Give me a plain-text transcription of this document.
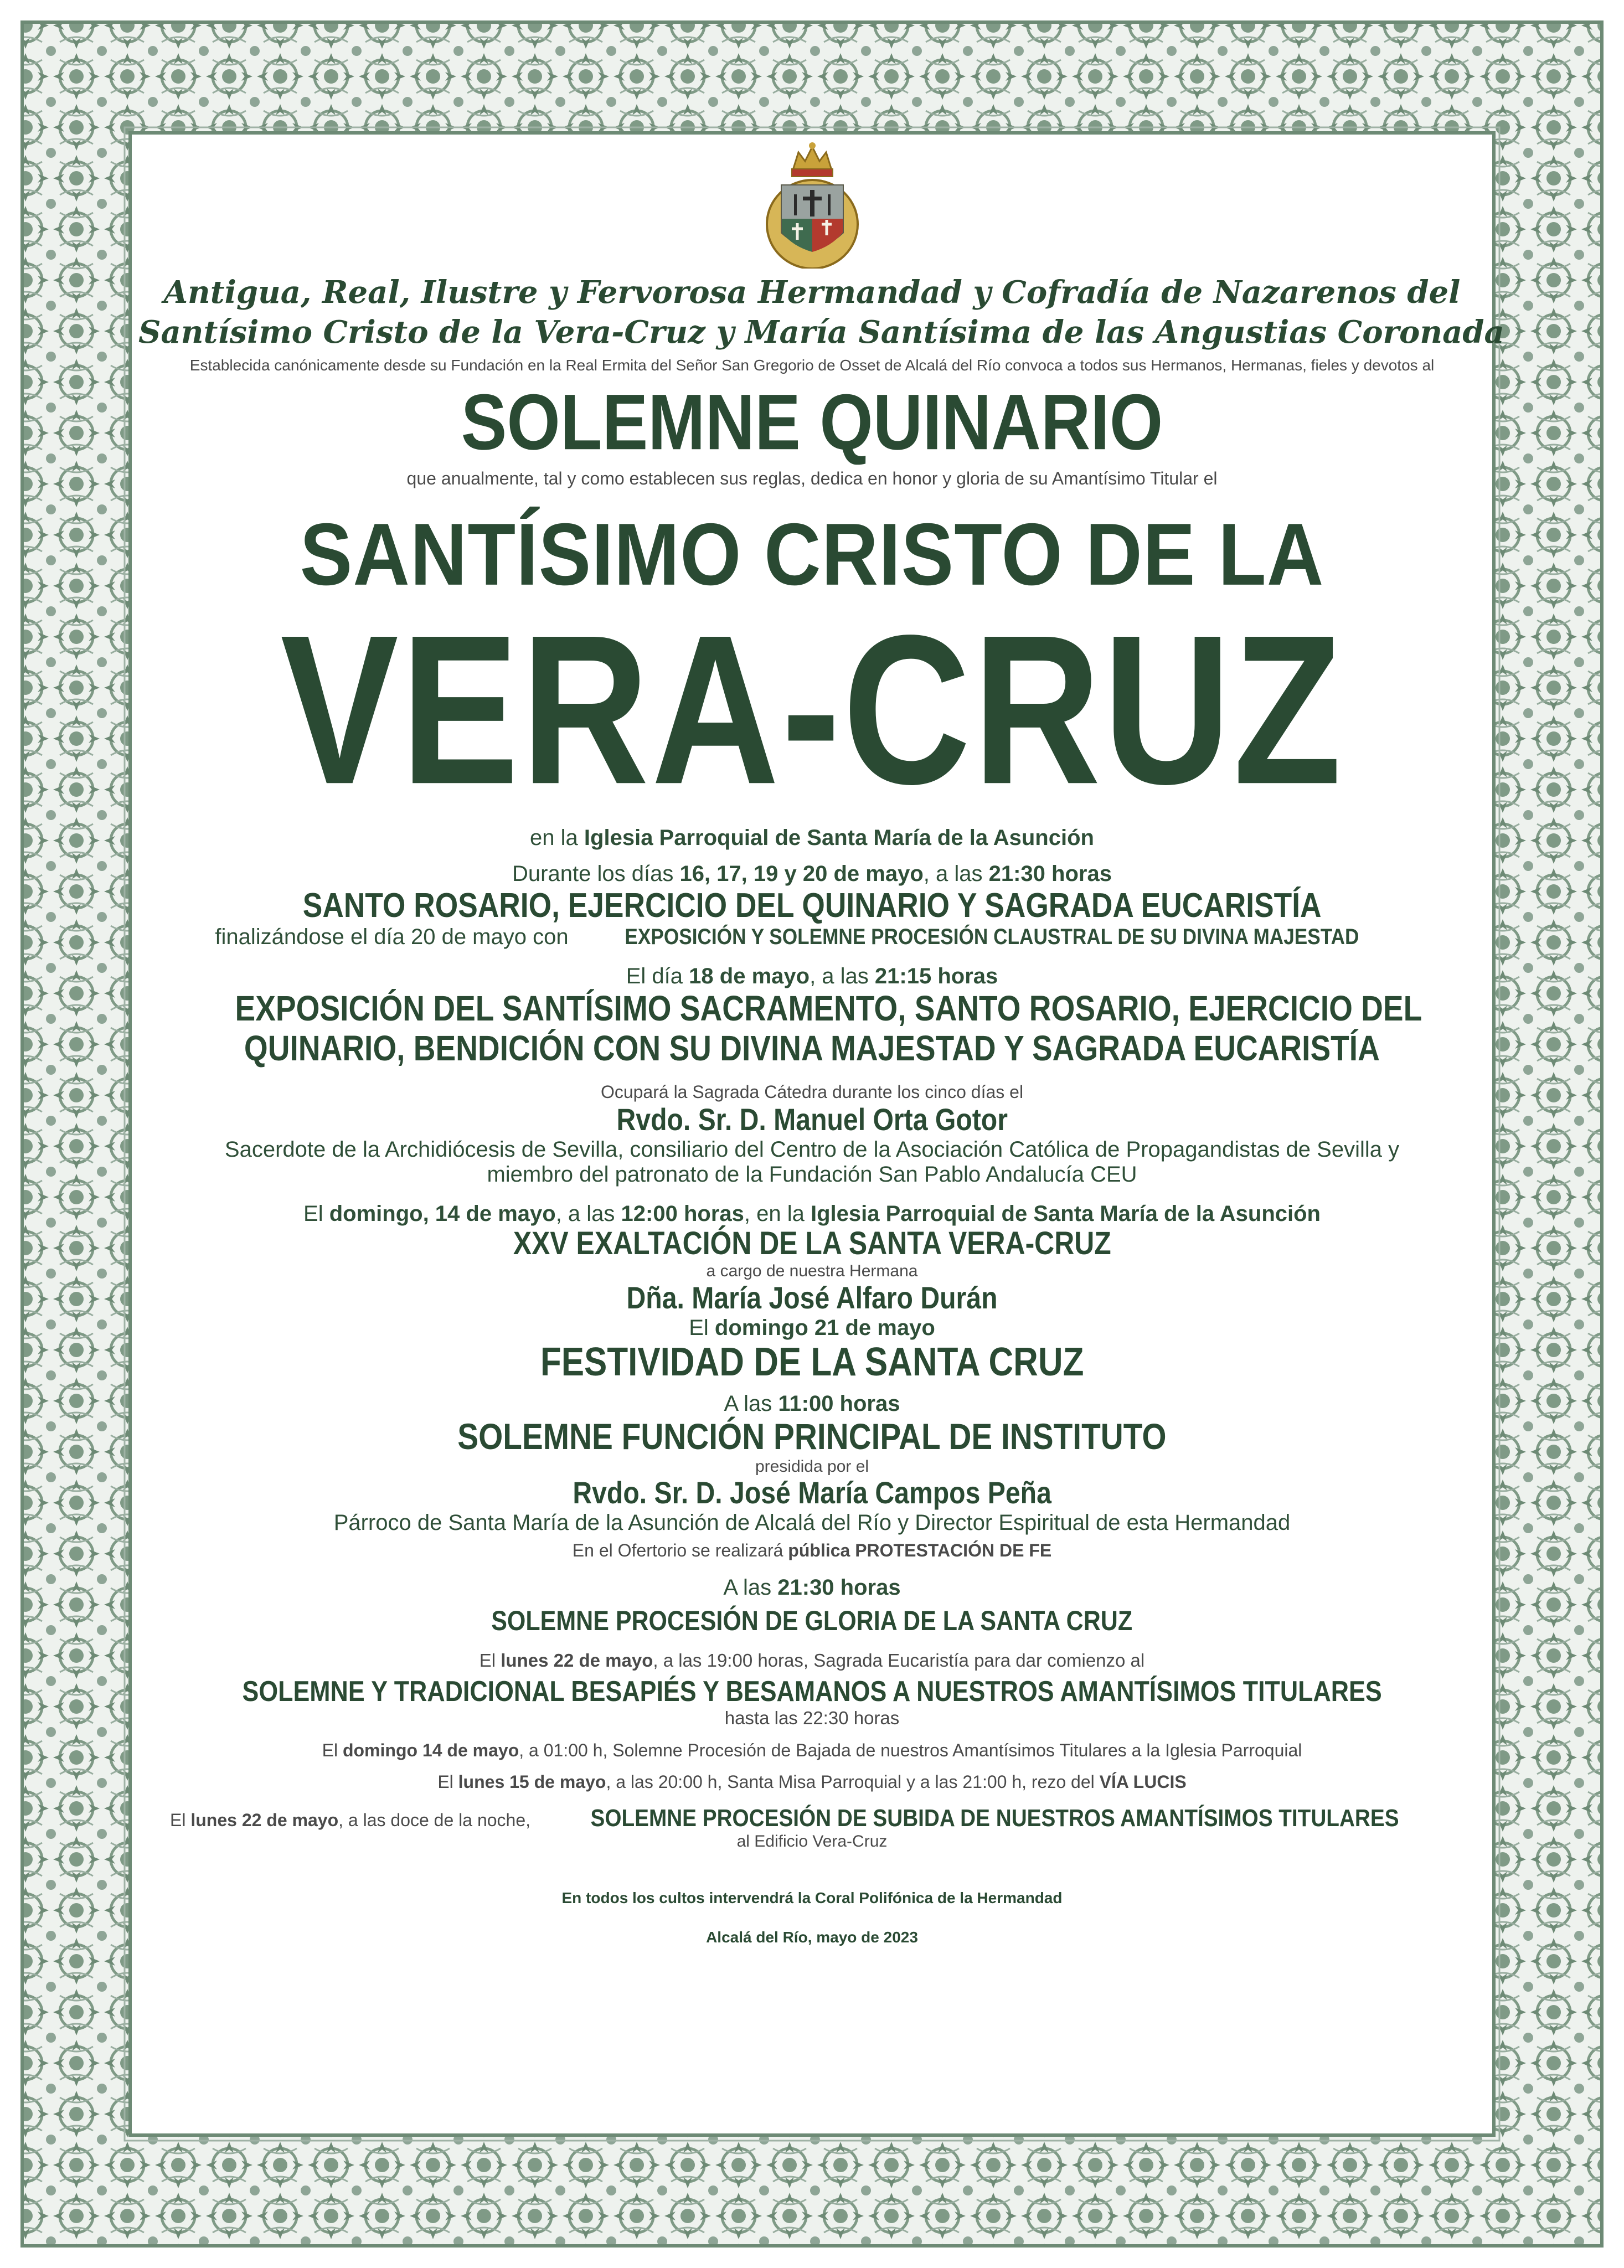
Antigua, Real, Ilustre y Fervorosa Hermandad y Cofradía de Nazarenos del

Santísimo Cristo de la Vera-Cruz y María Santísima de las Angustias Coronada

Establecida canónicamente desde su Fundación en la Real Ermita del Señor San Gregorio de Osset de Alcalá del Río convoca a todos sus Hermanos, Hermanas, fieles y devotos al

SOLEMNE QUINARIO

que anualmente, tal y como establecen sus reglas, dedica en honor y gloria de su Amantísimo Titular el

SANTÍSIMO CRISTO DE LA

VERA-CRUZ

en la Iglesia Parroquial de Santa María de la Asunción

Durante los días 16, 17, 19 y 20 de mayo, a las 21:30 horas

SANTO ROSARIO, EJERCICIO DEL QUINARIO Y SAGRADA EUCARISTÍA

finalizándose el día 20 de mayo con	EXPOSICIÓN Y SOLEMNE PROCESIÓN CLAUSTRAL DE SU DIVINA MAJESTAD

El día 18 de mayo, a las 21:15 horas

EXPOSICIÓN DEL SANTÍSIMO SACRAMENTO, SANTO ROSARIO, EJERCICIO DEL

QUINARIO, BENDICIÓN CON SU DIVINA MAJESTAD Y SAGRADA EUCARISTÍA

Ocupará la Sagrada Cátedra durante los cinco días el

Rvdo. Sr. D. Manuel Orta Gotor

Sacerdote de la Archidiócesis de Sevilla, consiliario del Centro de la Asociación Católica de Propagandistas de Sevilla y

miembro del patronato de la Fundación San Pablo Andalucía CEU

El domingo, 14 de mayo, a las 12:00 horas, en la Iglesia Parroquial de Santa María de la Asunción

XXV EXALTACIÓN DE LA SANTA VERA-CRUZ

a cargo de nuestra Hermana

Dña. María José Alfaro Durán

El domingo 21 de mayo

FESTIVIDAD DE LA SANTA CRUZ

A las 11:00 horas

SOLEMNE FUNCIÓN PRINCIPAL DE INSTITUTO

presidida por el

Rvdo. Sr. D. José María Campos Peña

Párroco de Santa María de la Asunción de Alcalá del Río y Director Espiritual de esta Hermandad

En el Ofertorio se realizará pública PROTESTACIÓN DE FE

A las 21:30 horas

SOLEMNE PROCESIÓN DE GLORIA DE LA SANTA CRUZ

El lunes 22 de mayo, a las 19:00 horas, Sagrada Eucaristía para dar comienzo al

SOLEMNE Y TRADICIONAL BESAPIÉS Y BESAMANOS A NUESTROS AMANTÍSIMOS TITULARES

hasta las 22:30 horas

El domingo 14 de mayo, a 01:00 h, Solemne Procesión de Bajada de nuestros Amantísimos Titulares a la Iglesia Parroquial

El lunes 15 de mayo, a las 20:00 h, Santa Misa Parroquial y a las 21:00 h, rezo del VÍA LUCIS

El lunes 22 de mayo, a las doce de la noche, SOLEMNE PROCESIÓN DE SUBIDA DE NUESTROS AMANTÍSIMOS TITULARES

al Edificio Vera-Cruz

En todos los cultos intervendrá la Coral Polifónica de la Hermandad

Alcalá del Río, mayo de 2023
